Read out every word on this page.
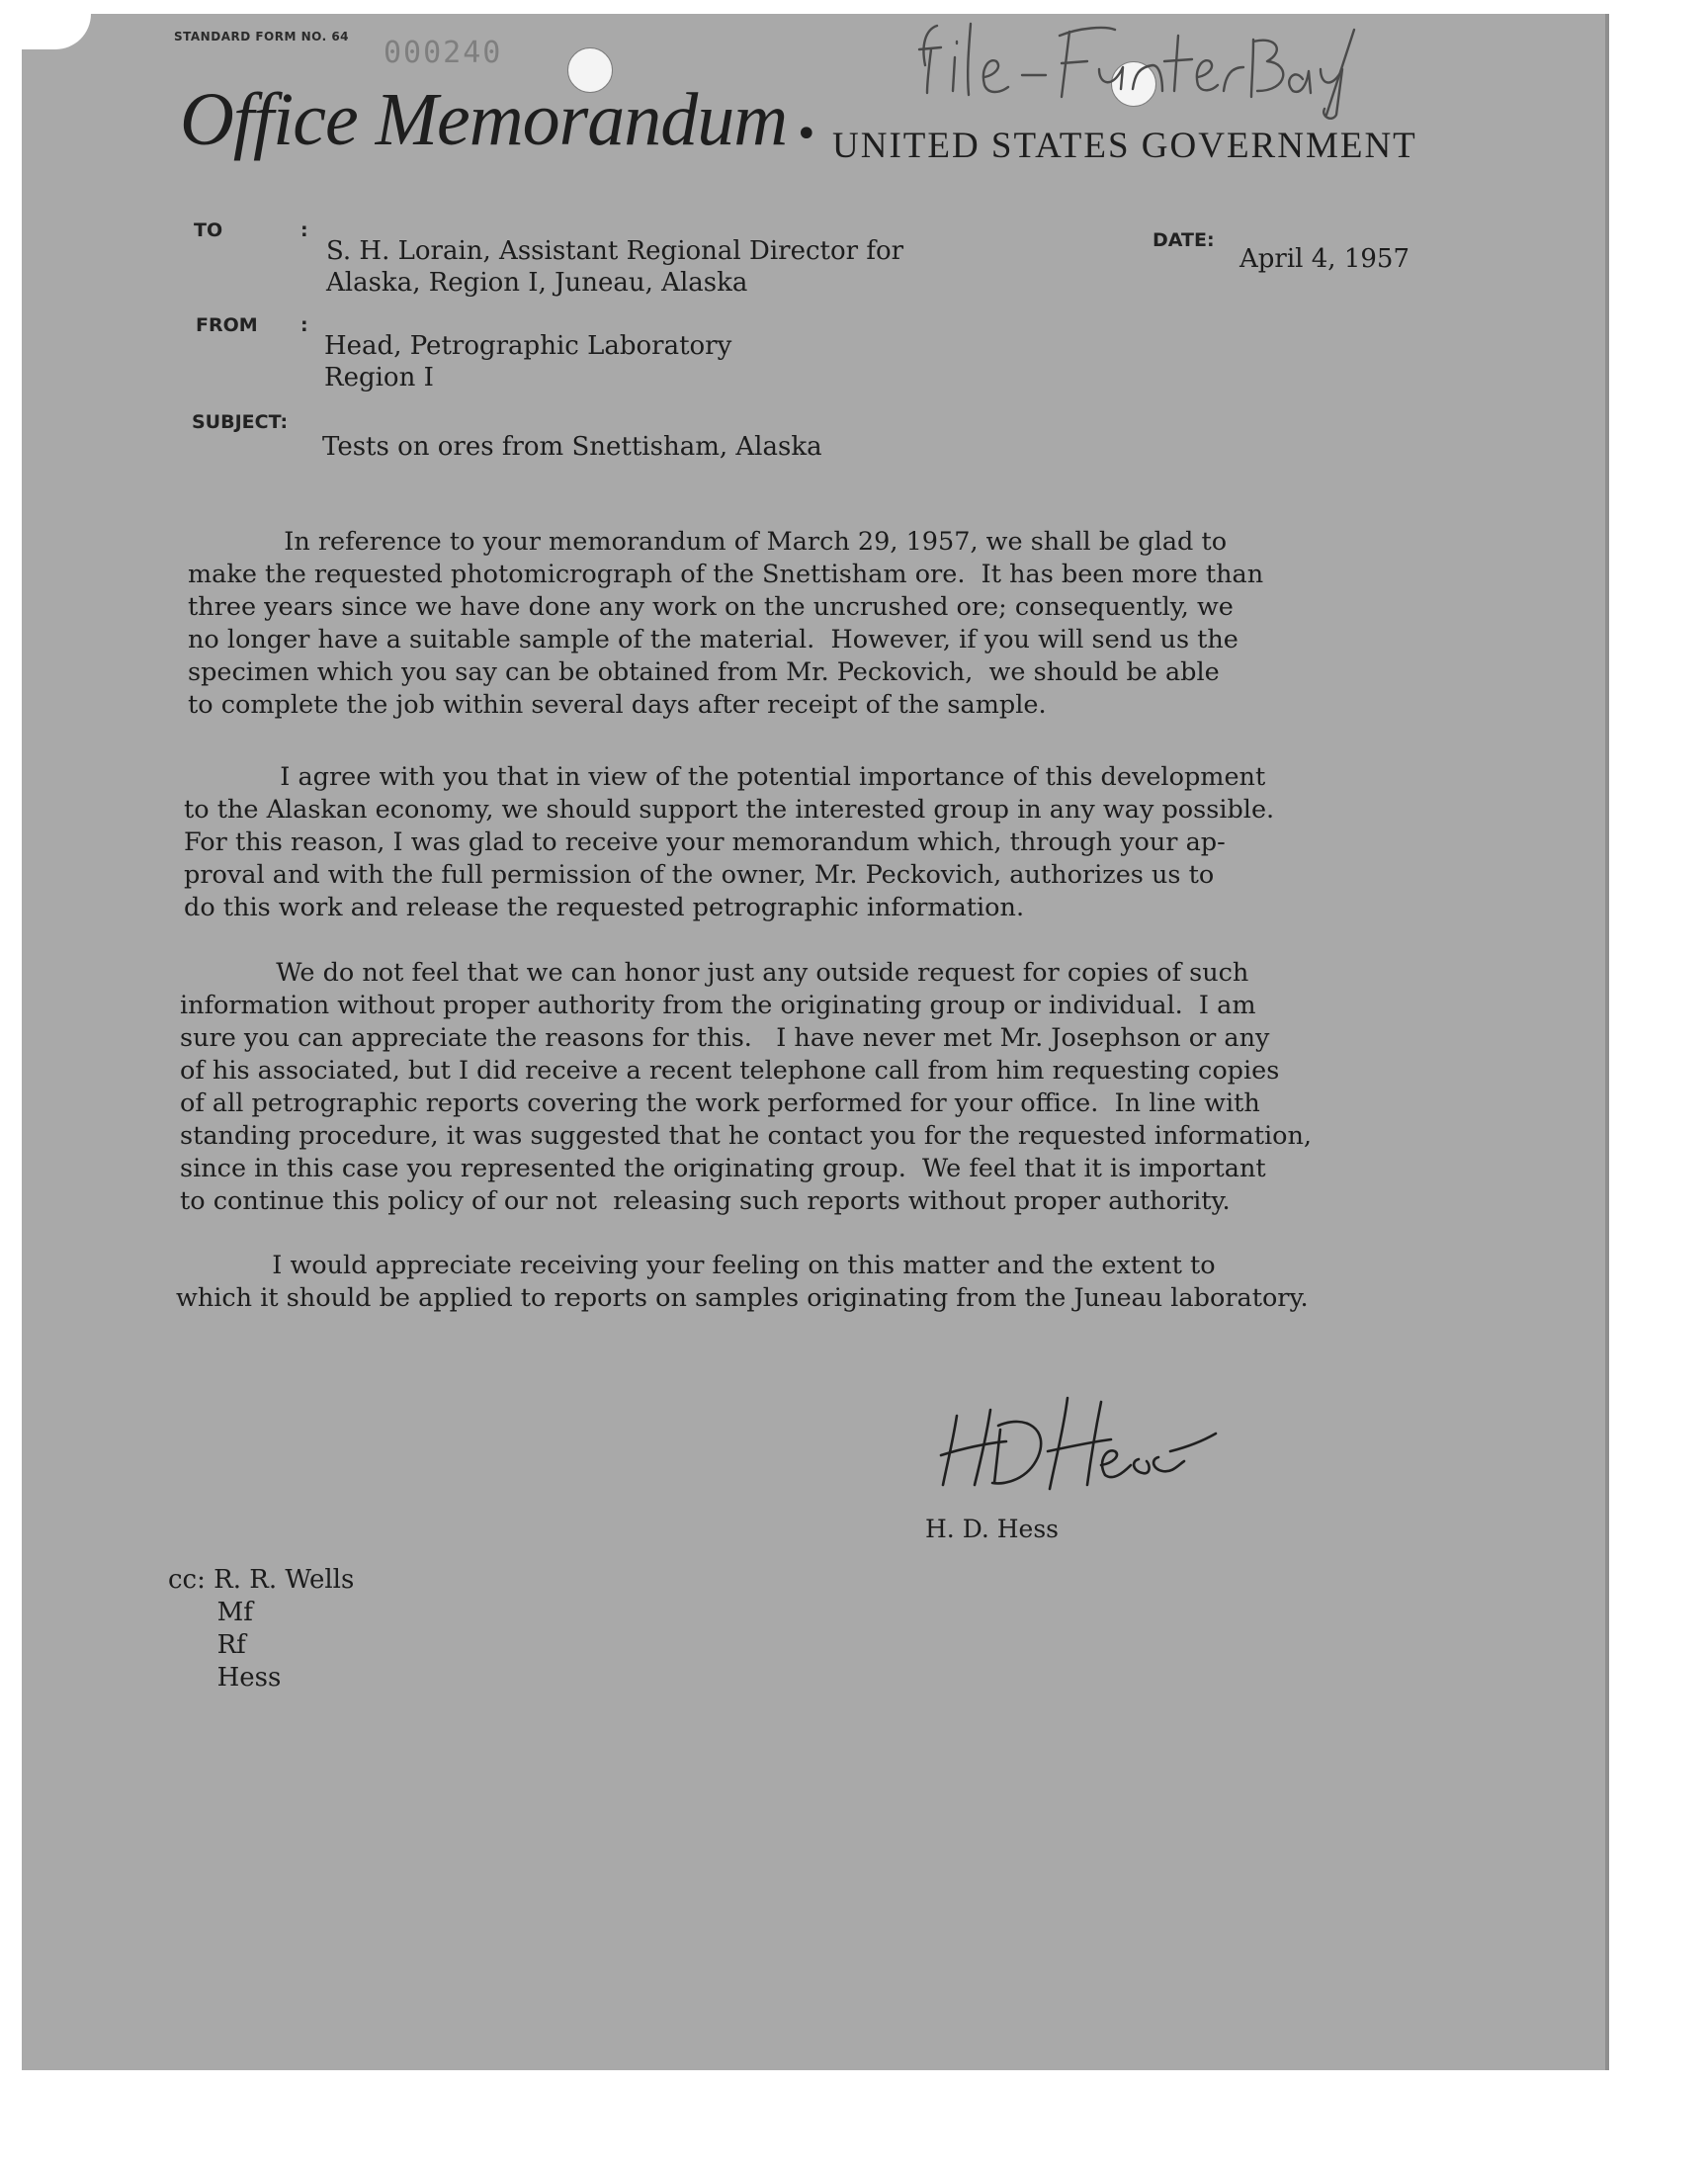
STANDARD FORM NO. 64 000240
Office Memorandum • UNITED STATES GOVERNMENT
TO	:
S. H. Lorain, Assistant Regional Director for
Alaska, Region I, Juneau, Alaska
DATE:
April 4, 1957
FROM :
Head, Petrographic Laboratory
Region I
SUBJECT:
Tests on ores from Snettisham, Alaska
In reference to your memorandum of March 29, 1957, we shall be glad to
make the requested photomicrograph of the Snettisham ore.  It has been more than
three years since we have done any work on the uncrushed ore; consequently, we
no longer have a suitable sample of the material.  However, if you will send us the
specimen which you say can be obtained from Mr. Peckovich,  we should be able
to complete the job within several days after receipt of the sample.
I agree with you that in view of the potential importance of this development
to the Alaskan economy, we should support the interested group in any way possible.
For this reason, I was glad to receive your memorandum which, through your ap-
proval and with the full permission of the owner, Mr. Peckovich, authorizes us to
do this work and release the requested petrographic information.
We do not feel that we can honor just any outside request for copies of such
information without proper authority from the originating group or individual.  I am
sure you can appreciate the reasons for this.   I have never met Mr. Josephson or any
of his associated, but I did receive a recent telephone call from him requesting copies
of all petrographic reports covering the work performed for your office.  In line with
standing procedure, it was suggested that he contact you for the requested information,
since in this case you represented the originating group.  We feel that it is important
to continue this policy of our not  releasing such reports without proper authority.
I would appreciate receiving your feeling on this matter and the extent to
which it should be applied to reports on samples originating from the Juneau laboratory.
H. D. Hess
cc: R. R. Wells
Mf
Rf
Hess
